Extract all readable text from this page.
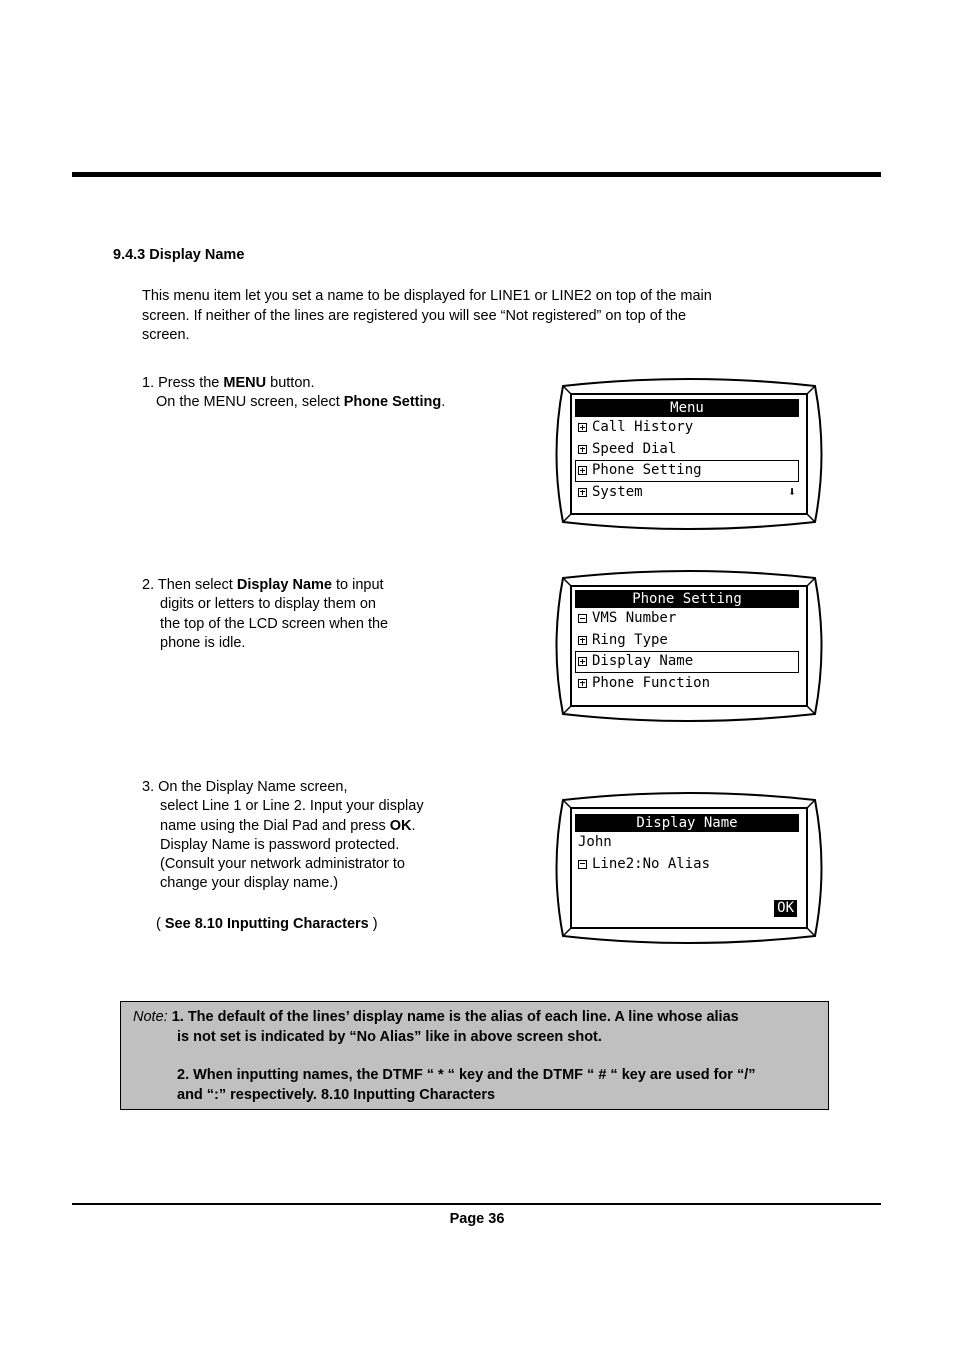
9.4.3 Display Name
This menu item let you set a name to be displayed for LINE1 or LINE2 on top of the main
screen. If neither of the lines are registered you will see “Not registered” on top of the
screen.
1. Press the MENU button.
On the MENU screen, select Phone Setting.
2. Then select Display Name to input
digits or letters to display them on
the top of the LCD screen when the
phone is idle.
3. On the Display Name screen,
select Line 1 or Line 2. Input your display
name using the Dial Pad and press OK.
Display Name is password protected.
(Consult your network administrator to
change your display name.)
( See 8.10 Inputting Characters )
Menu
Call History
Speed Dial
Phone Setting
System	⬇
Phone Setting
VMS Number
Ring Type
Display Name
Phone Function
Display Name
John
Line2:No Alias
OK
Note: 1. The default of the lines’ display name is the alias of each line. A line whose alias
is not set is indicated by “No Alias” like in above screen shot.
2. When inputting names, the DTMF “ * “ key and the DTMF “ # “ key are used for “/”
and “:” respectively. 8.10 Inputting Characters
Page 36
